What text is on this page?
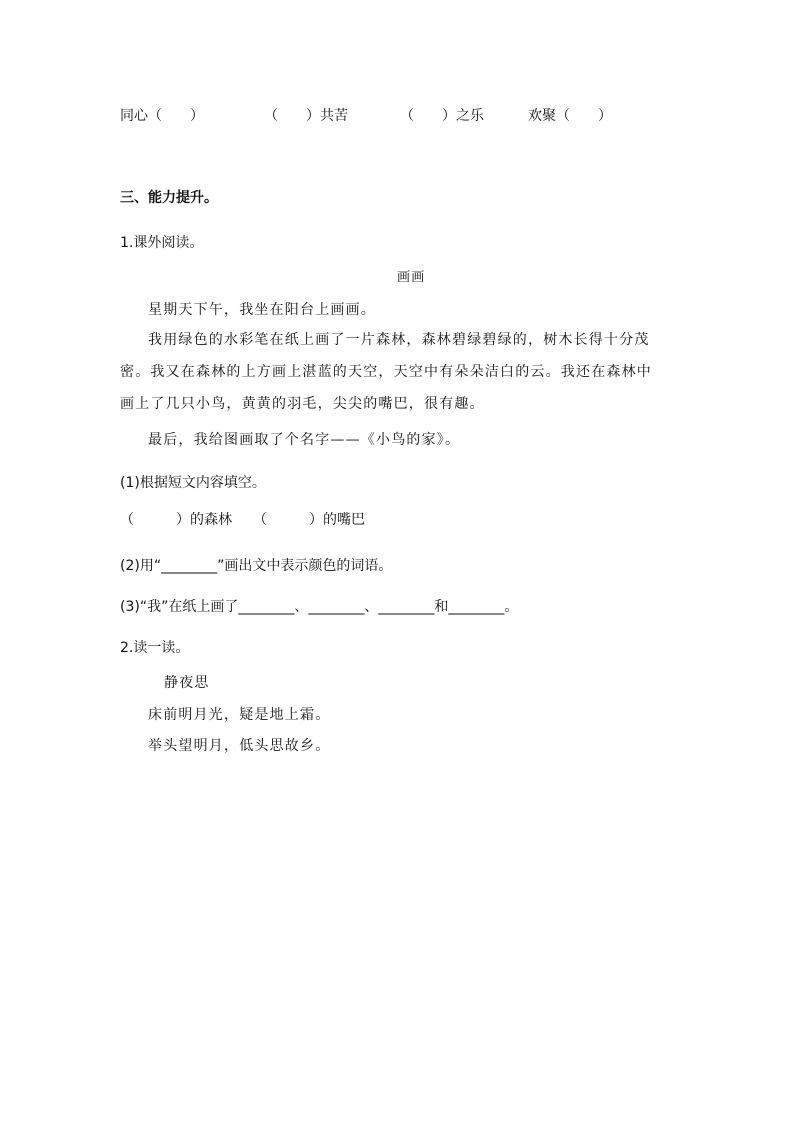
同心（　　）	（　　）共苦	（　　）之乐	欢聚（　　）
三、能力提升。
1.课外阅读。
画画
星期天下午，我坐在阳台上画画。
我用绿色的水彩笔在纸上画了一片森林，森林碧绿碧绿的，树木长得十分茂
密。我又在森林的上方画上湛蓝的天空，天空中有朵朵洁白的云。我还在森林中
画上了几只小鸟，黄黄的羽毛，尖尖的嘴巴，很有趣。
最后，我给图画取了个名字——《小鸟的家》。
(1)根据短文内容填空。
（　　　）的森林　　（　　　）的嘴巴
(2)用“________”画出文中表示颜色的词语。
(3)“我”在纸上画了________、________、________和________。
2.读一读。
静夜思
床前明月光，疑是地上霜。
举头望明月，低头思故乡。
